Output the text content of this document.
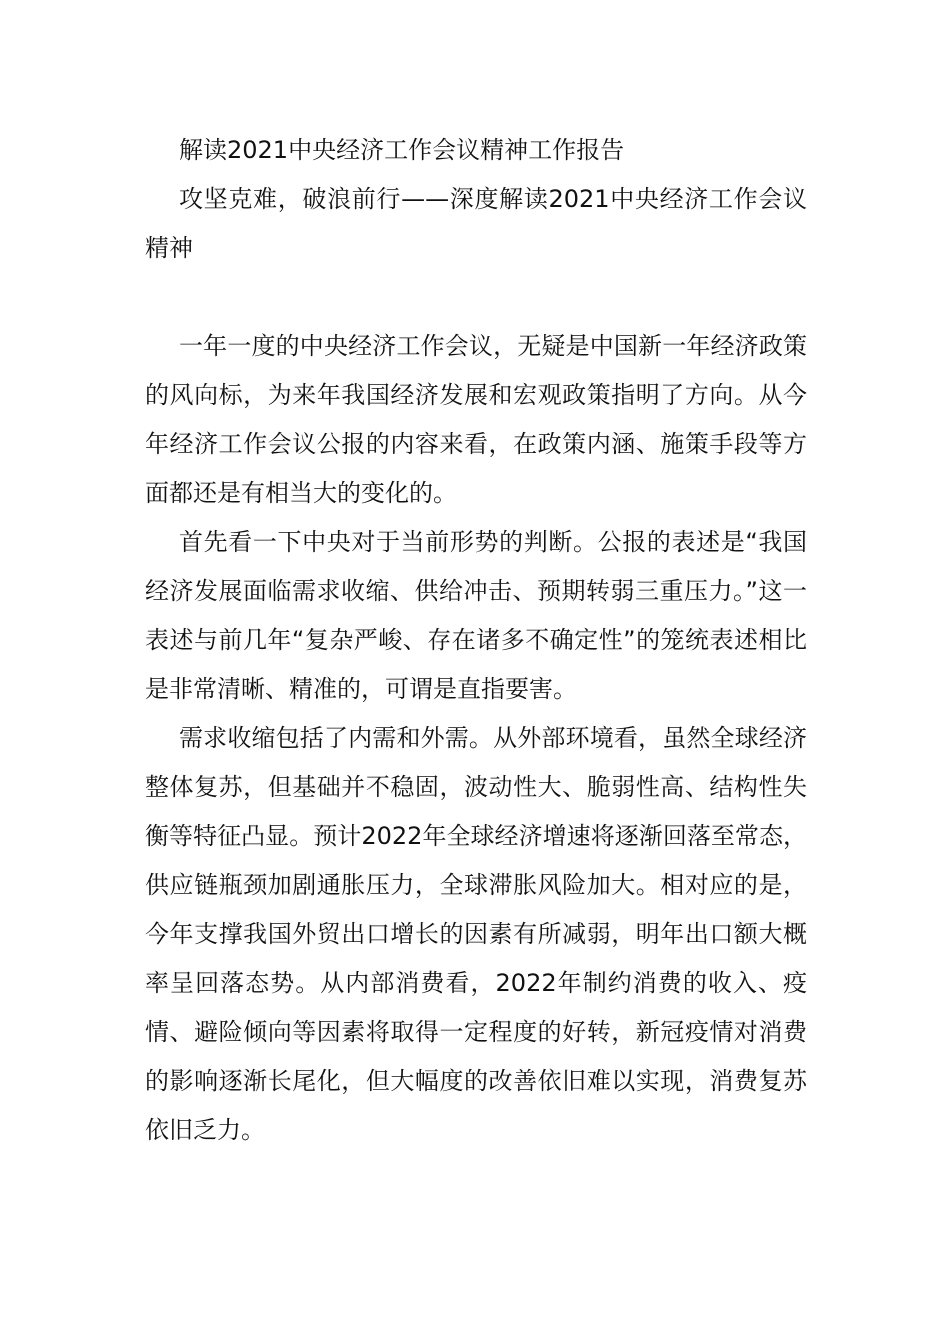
解读2021中央经济工作会议精神工作报告

攻坚克难，破浪前行——深度解读2021中央经济工作会议精神

一年一度的中央经济工作会议，无疑是中国新一年经济政策的风向标，为来年我国经济发展和宏观政策指明了方向。从今年经济工作会议公报的内容来看，在政策内涵、施策手段等方面都还是有相当大的变化的。

首先看一下中央对于当前形势的判断。公报的表述是“我国经济发展面临需求收缩、供给冲击、预期转弱三重压力。”这一表述与前几年“复杂严峻、存在诸多不确定性”的笼统表述相比是非常清晰、精准的，可谓是直指要害。

需求收缩包括了内需和外需。从外部环境看，虽然全球经济整体复苏，但基础并不稳固，波动性大、脆弱性高、结构性失衡等特征凸显。预计2022年全球经济增速将逐渐回落至常态，供应链瓶颈加剧通胀压力，全球滞胀风险加大。相对应的是，今年支撑我国外贸出口增长的因素有所减弱，明年出口额大概率呈回落态势。从内部消费看，2022年制约消费的收入、疫情、避险倾向等因素将取得一定程度的好转，新冠疫情对消费的影响逐渐长尾化，但大幅度的改善依旧难以实现，消费复苏依旧乏力。
